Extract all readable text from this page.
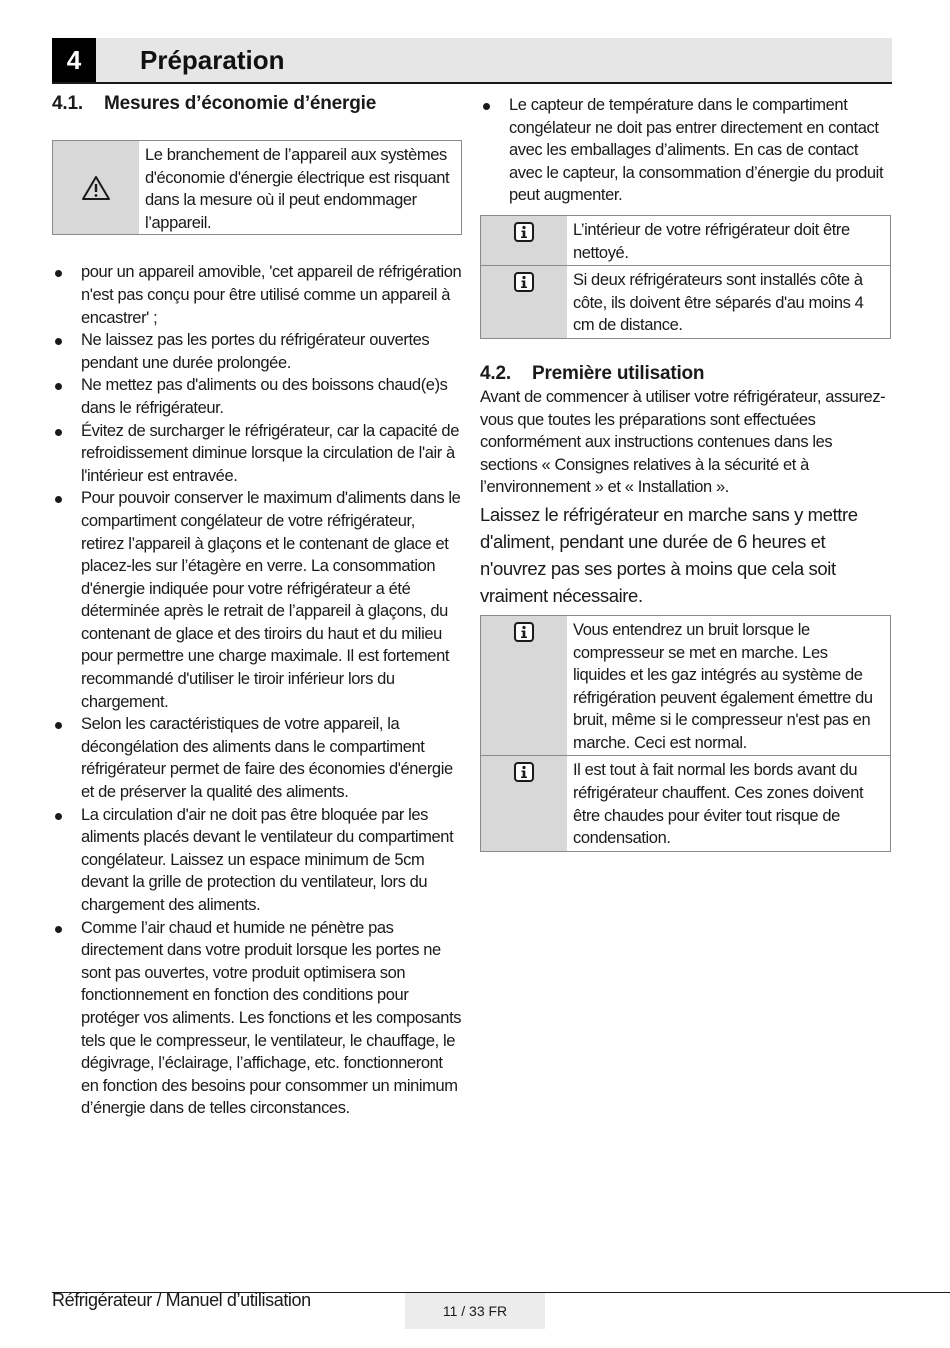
4	Préparation
4.1. Mesures d’économie d’énergie
Le branchement de l’appareil aux systèmes d'économie d'énergie électrique est risquant dans la mesure où il peut endommager l’appareil.
pour un appareil amovible, 'cet appareil de réfrigération n'est pas conçu pour être utilisé comme un appareil à encastrer' ;
Ne laissez pas les portes du réfrigérateur ouvertes pendant une durée prolongée.
Ne mettez pas d'aliments ou des boissons chaud(e)s dans le réfrigérateur.
Évitez de surcharger le réfrigérateur, car la capacité de refroidissement diminue lorsque la circulation de l'air à l'intérieur est entravée.
Pour pouvoir conserver le maximum d'aliments dans le compartiment congélateur de votre réfrigérateur, retirez l’appareil à glaçons et le contenant de glace et placez-les sur l’étagère en verre. La consommation d'énergie indiquée pour votre réfrigérateur a été déterminée après le retrait de l’appareil à glaçons, du contenant de glace et des tiroirs du haut et du milieu pour permettre une charge maximale. Il est fortement recommandé d'utiliser le tiroir inférieur lors du chargement.
Selon les caractéristiques de votre appareil, la décongélation des aliments dans le compartiment réfrigérateur permet de faire des économies d'énergie et de préserver la qualité des aliments.
La circulation d'air ne doit pas être bloquée par les aliments placés devant le ventilateur du compartiment congélateur. Laissez un espace minimum de 5cm devant la grille de protection du ventilateur, lors du chargement des aliments.
Comme l’air chaud et humide ne pénètre pas directement dans votre produit lorsque les portes ne sont pas ouvertes, votre produit optimisera son fonctionnement en fonction des conditions pour protéger vos aliments. Les fonctions et les composants tels que le compresseur, le ventilateur, le chauffage, le dégivrage, l’éclairage, l’affichage, etc. fonctionneront en fonction des besoins pour consommer un minimum d’énergie dans de telles circonstances.
Le capteur de température dans le compartiment congélateur ne doit pas entrer directement en contact avec les emballages d’aliments. En cas de contact avec le capteur, la consommation d’énergie du produit peut augmenter.
L’intérieur de votre réfrigérateur doit être nettoyé.
Si deux réfrigérateurs sont installés côte à côte, ils doivent être séparés d'au moins 4 cm de distance.
4.2. Première utilisation

Avant de commencer à utiliser votre réfrigérateur, assurez-vous que toutes les préparations sont effectuées conformément aux instructions contenues dans les sections « Consignes relatives à la sécurité et à l’environnement » et « Installation ».

Laissez le réfrigérateur en marche sans y mettre d'aliment, pendant une durée de 6 heures et n'ouvrez pas ses portes à moins que cela soit vraiment nécessaire.

Vous entendrez un bruit lorsque le compresseur se met en marche. Les liquides et les gaz intégrés au système de réfrigération peuvent également émettre du bruit, même si le compresseur n'est pas en marche. Ceci est normal.
Il est tout à fait normal les bords avant du réfrigérateur chauffent. Ces zones doivent être chaudes pour éviter tout risque de condensation.
Réfrigérateur / Manuel d’utilisation
11 / 33 FR
